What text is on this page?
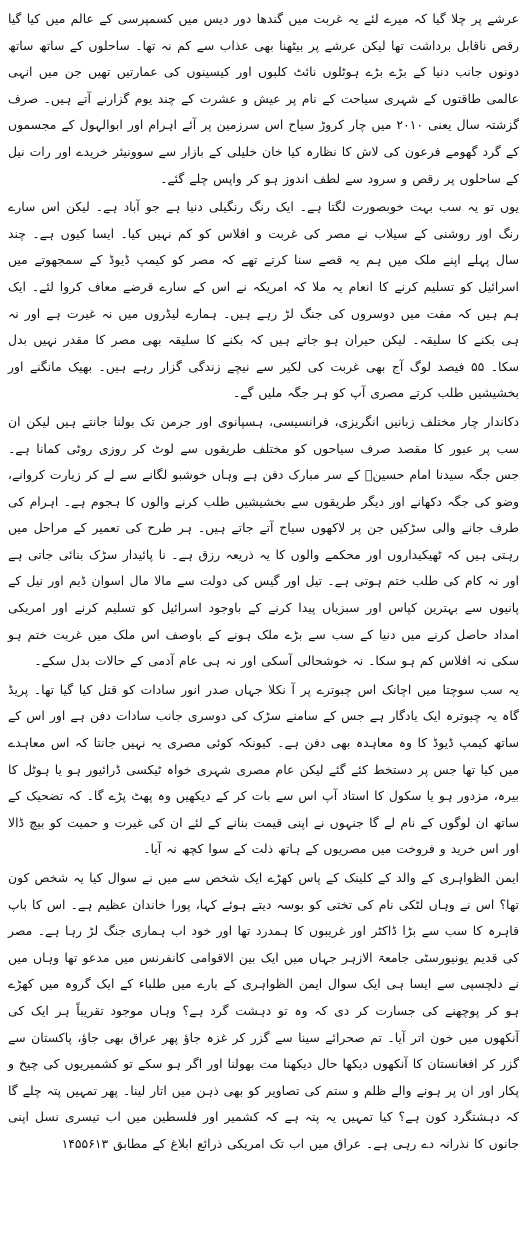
عرشے پر چلا گیا کہ میرے لئے یہ غربت میں گندھا دور دیس میں کسمپرسی کے عالم میں کیا گیا رقص ناقابل برداشت تھا لیکن عرشے پر بیٹھنا بھی عذاب سے کم نہ تھا۔ ساحلوں کے ساتھ ساتھ دونوں جانب دنیا کے بڑے بڑے ہوٹلوں نائٹ کلبوں اور کیسینوں کی عمارتیں تھیں جن میں انہی عالمی طاقتوں کے شہری سیاحت کے نام پر عیش و عشرت کے چند یوم گزارنے آتے ہیں۔ صرف گزشتہ سال یعنی ۲۰۱۰ میں چار کروڑ سیاح اس سرزمین پر آئے اہرام اور ابوالہول کے مجسموں کے گرد گھومے فرعون کی لاش کا نظارہ کیا خان خلیلی کے بازار سے سوونیئر خریدے اور رات نیل کے ساحلوں پر رقص و سرود سے لطف اندوز ہو کر واپس چلے گئے۔

یوں تو یہ سب بہت خوبصورت لگتا ہے۔ ایک رنگ رنگیلی دنیا ہے جو آباد ہے۔ لیکن اس سارے رنگ اور روشنی کے سیلاب نے مصر کی غربت و افلاس کو کم نہیں کیا۔ ایسا کیوں ہے۔ چند سال پہلے اپنے ملک میں ہم یہ قصے سنا کرتے تھے کہ مصر کو کیمپ ڈیوڈ کے سمجھوتے میں اسرائیل کو تسلیم کرنے کا انعام یہ ملا کہ امریکہ نے اس کے سارے قرضے معاف کروا لئے۔ ایک ہم ہیں کہ مفت میں دوسروں کی جنگ لڑ رہے ہیں۔ ہمارے لیڈروں میں نہ غیرت ہے اور نہ ہی بکنے کا سلیقہ۔ لیکن حیران ہو جاتے ہیں کہ بکنے کا سلیقہ بھی مصر کا مقدر نہیں بدل سکا۔ ۵۵ فیصد لوگ آج بھی غربت کی لکیر سے نیچے زندگی گزار رہے ہیں۔ بھیک مانگنے اور بخشیشیں طلب کرتے مصری آپ کو ہر جگہ ملیں گے۔

دکاندار چار مختلف زبانیں انگریزی، فرانسیسی، ہسپانوی اور جرمن تک بولنا جانتے ہیں لیکن ان سب پر عبور کا مقصد صرف سیاحوں کو مختلف طریقوں سے لوٹ کر روزی روٹی کمانا ہے۔ جس جگہ سیدنا امام حسینؓ کے سر مبارک دفن ہے وہاں خوشبو لگانے سے لے کر زیارت کروانے، وضو کی جگہ دکھانے اور دیگر طریقوں سے بخشیشیں طلب کرنے والوں کا ہجوم ہے۔ اہرام کی طرف جانے والی سڑکیں جن پر لاکھوں سیاح آتے جاتے ہیں۔ ہر طرح کی تعمیر کے مراحل میں رہتی ہیں کہ ٹھیکیداروں اور محکمے والوں کا یہ ذریعہ رزق ہے۔ نا پائیدار سڑک بنائی جاتی ہے اور نہ کام کی طلب ختم ہوتی ہے۔ تیل اور گیس کی دولت سے مالا مال اسوان ڈیم اور نیل کے پانیوں سے بہترین کپاس اور سبزیاں پیدا کرنے کے باوجود اسرائیل کو تسلیم کرنے اور امریکی امداد حاصل کرنے میں دنیا کے سب سے بڑے ملک ہونے کے باوصف اس ملک میں غربت ختم ہو سکی نہ افلاس کم ہو سکا۔ نہ خوشحالی آسکی اور نہ ہی عام آدمی کے حالات بدل سکے۔

یہ سب سوچتا میں اچانک اس چبوترے پر آ نکلا جہاں صدر انور سادات کو قتل کیا گیا تھا۔ پریڈ گاہ یہ چبوترہ ایک یادگار ہے جس کے سامنے سڑک کی دوسری جانب سادات دفن ہے اور اس کے ساتھ کیمپ ڈیوڈ کا وہ معاہدہ بھی دفن ہے۔ کیونکہ کوئی مصری یہ نہیں جانتا کہ اس معاہدے میں کیا تھا جس پر دستخط کئے گئے لیکن عام مصری شہری خواہ ٹیکسی ڈرائیور ہو یا ہوٹل کا بیرہ، مزدور ہو یا سکول کا استاد آپ اس سے بات کر کے دیکھیں وہ پھٹ پڑے گا۔ کہ تضحیک کے ساتھ ان لوگوں کے نام لے گا جنہوں نے اپنی قیمت بنانے کے لئے ان کی غیرت و حمیت کو بیچ ڈالا اور اس خرید و فروخت میں مصریوں کے ہاتھ ذلت کے سوا کچھ نہ آیا۔

ایمن الظواہری کے والد کے کلینک کے پاس کھڑے ایک شخص سے میں نے سوال کیا یہ شخص کون تھا؟ اس نے وہاں لٹکی نام کی تختی کو بوسہ دیتے ہوئے کہا، پورا خاندان عظیم ہے۔ اس کا باپ قاہرہ کا سب سے بڑا ڈاکٹر اور غریبوں کا ہمدرد تھا اور خود اب ہماری جنگ لڑ رہا ہے۔ مصر کی قدیم یونیورسٹی جامعۃ الازہر جہاں میں ایک بین الاقوامی کانفرنس میں مدعو تھا وہاں میں نے دلچسپی سے ایسا ہی ایک سوال ایمن الظواہری کے بارے میں طلباء کے ایک گروہ میں کھڑے ہو کر پوچھنے کی جسارت کر دی کہ وہ تو دہشت گرد ہے؟ وہاں موجود تقریباً ہر ایک کی آنکھوں میں خون اتر آیا۔ تم صحرائے سینا سے گزر کر غزہ جاؤ پھر عراق بھی جاؤ، پاکستان سے گزر کر افغانستان کا آنکھوں دیکھا حال دیکھنا مت بھولنا اور اگر ہو سکے تو کشمیریوں کی چیخ و پکار اور ان پر ہونے والے ظلم و ستم کی تصاویر کو بھی ذہن میں اتار لینا۔ پھر تمہیں پتہ چلے گا کہ دہشتگرد کون ہے؟ کیا تمہیں یہ پتہ ہے کہ کشمیر اور فلسطین میں اب تیسری نسل اپنی جانوں کا نذرانہ دے رہی ہے۔ عراق میں اب تک امریکی ذرائع ابلاغ کے مطابق ۱۴۵۵۶۱۳
